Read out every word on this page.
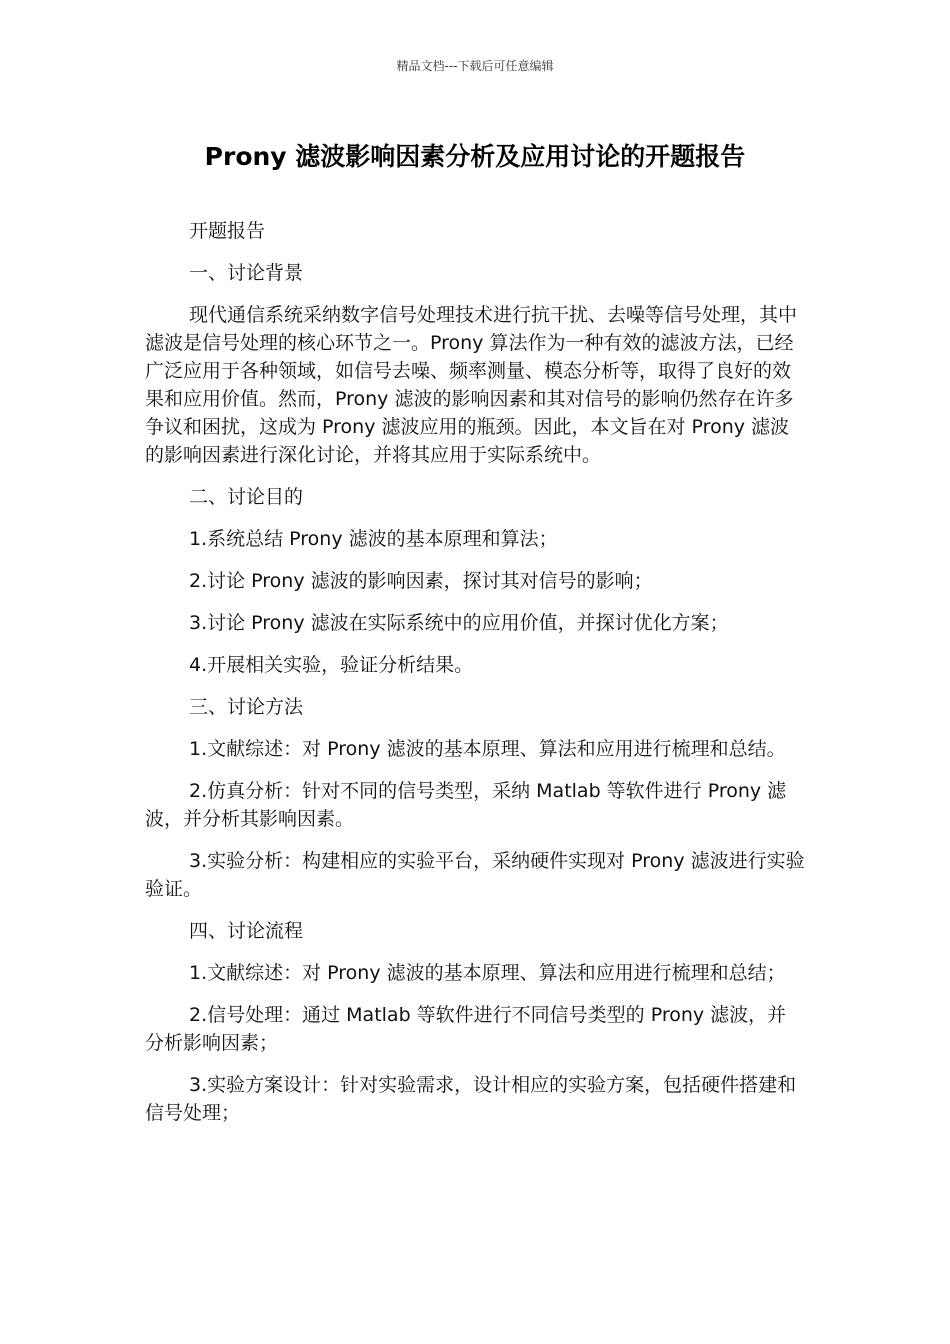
精品文档---下载后可任意编辑
Prony 滤波影响因素分析及应用讨论的开题报告

开题报告

一、讨论背景

现代通信系统采纳数字信号处理技术进行抗干扰、去噪等信号处理，其中滤波是信号处理的核心环节之一。Prony 算法作为一种有效的滤波方法，已经广泛应用于各种领域，如信号去噪、频率测量、模态分析等，取得了良好的效果和应用价值。然而，Prony 滤波的影响因素和其对信号的影响仍然存在许多争议和困扰，这成为 Prony 滤波应用的瓶颈。因此，本文旨在对 Prony 滤波的影响因素进行深化讨论，并将其应用于实际系统中。

二、讨论目的

1.系统总结 Prony 滤波的基本原理和算法；

2.讨论 Prony 滤波的影响因素，探讨其对信号的影响；

3.讨论 Prony 滤波在实际系统中的应用价值，并探讨优化方案；

4.开展相关实验，验证分析结果。

三、讨论方法

1.文献综述：对 Prony 滤波的基本原理、算法和应用进行梳理和总结。

2.仿真分析：针对不同的信号类型，采纳 Matlab 等软件进行 Prony 滤波，并分析其影响因素。

3.实验分析：构建相应的实验平台，采纳硬件实现对 Prony 滤波进行实验验证。

四、讨论流程

1.文献综述：对 Prony 滤波的基本原理、算法和应用进行梳理和总结；

2.信号处理：通过 Matlab 等软件进行不同信号类型的 Prony 滤波，并分析影响因素；

3.实验方案设计：针对实验需求，设计相应的实验方案，包括硬件搭建和信号处理；
